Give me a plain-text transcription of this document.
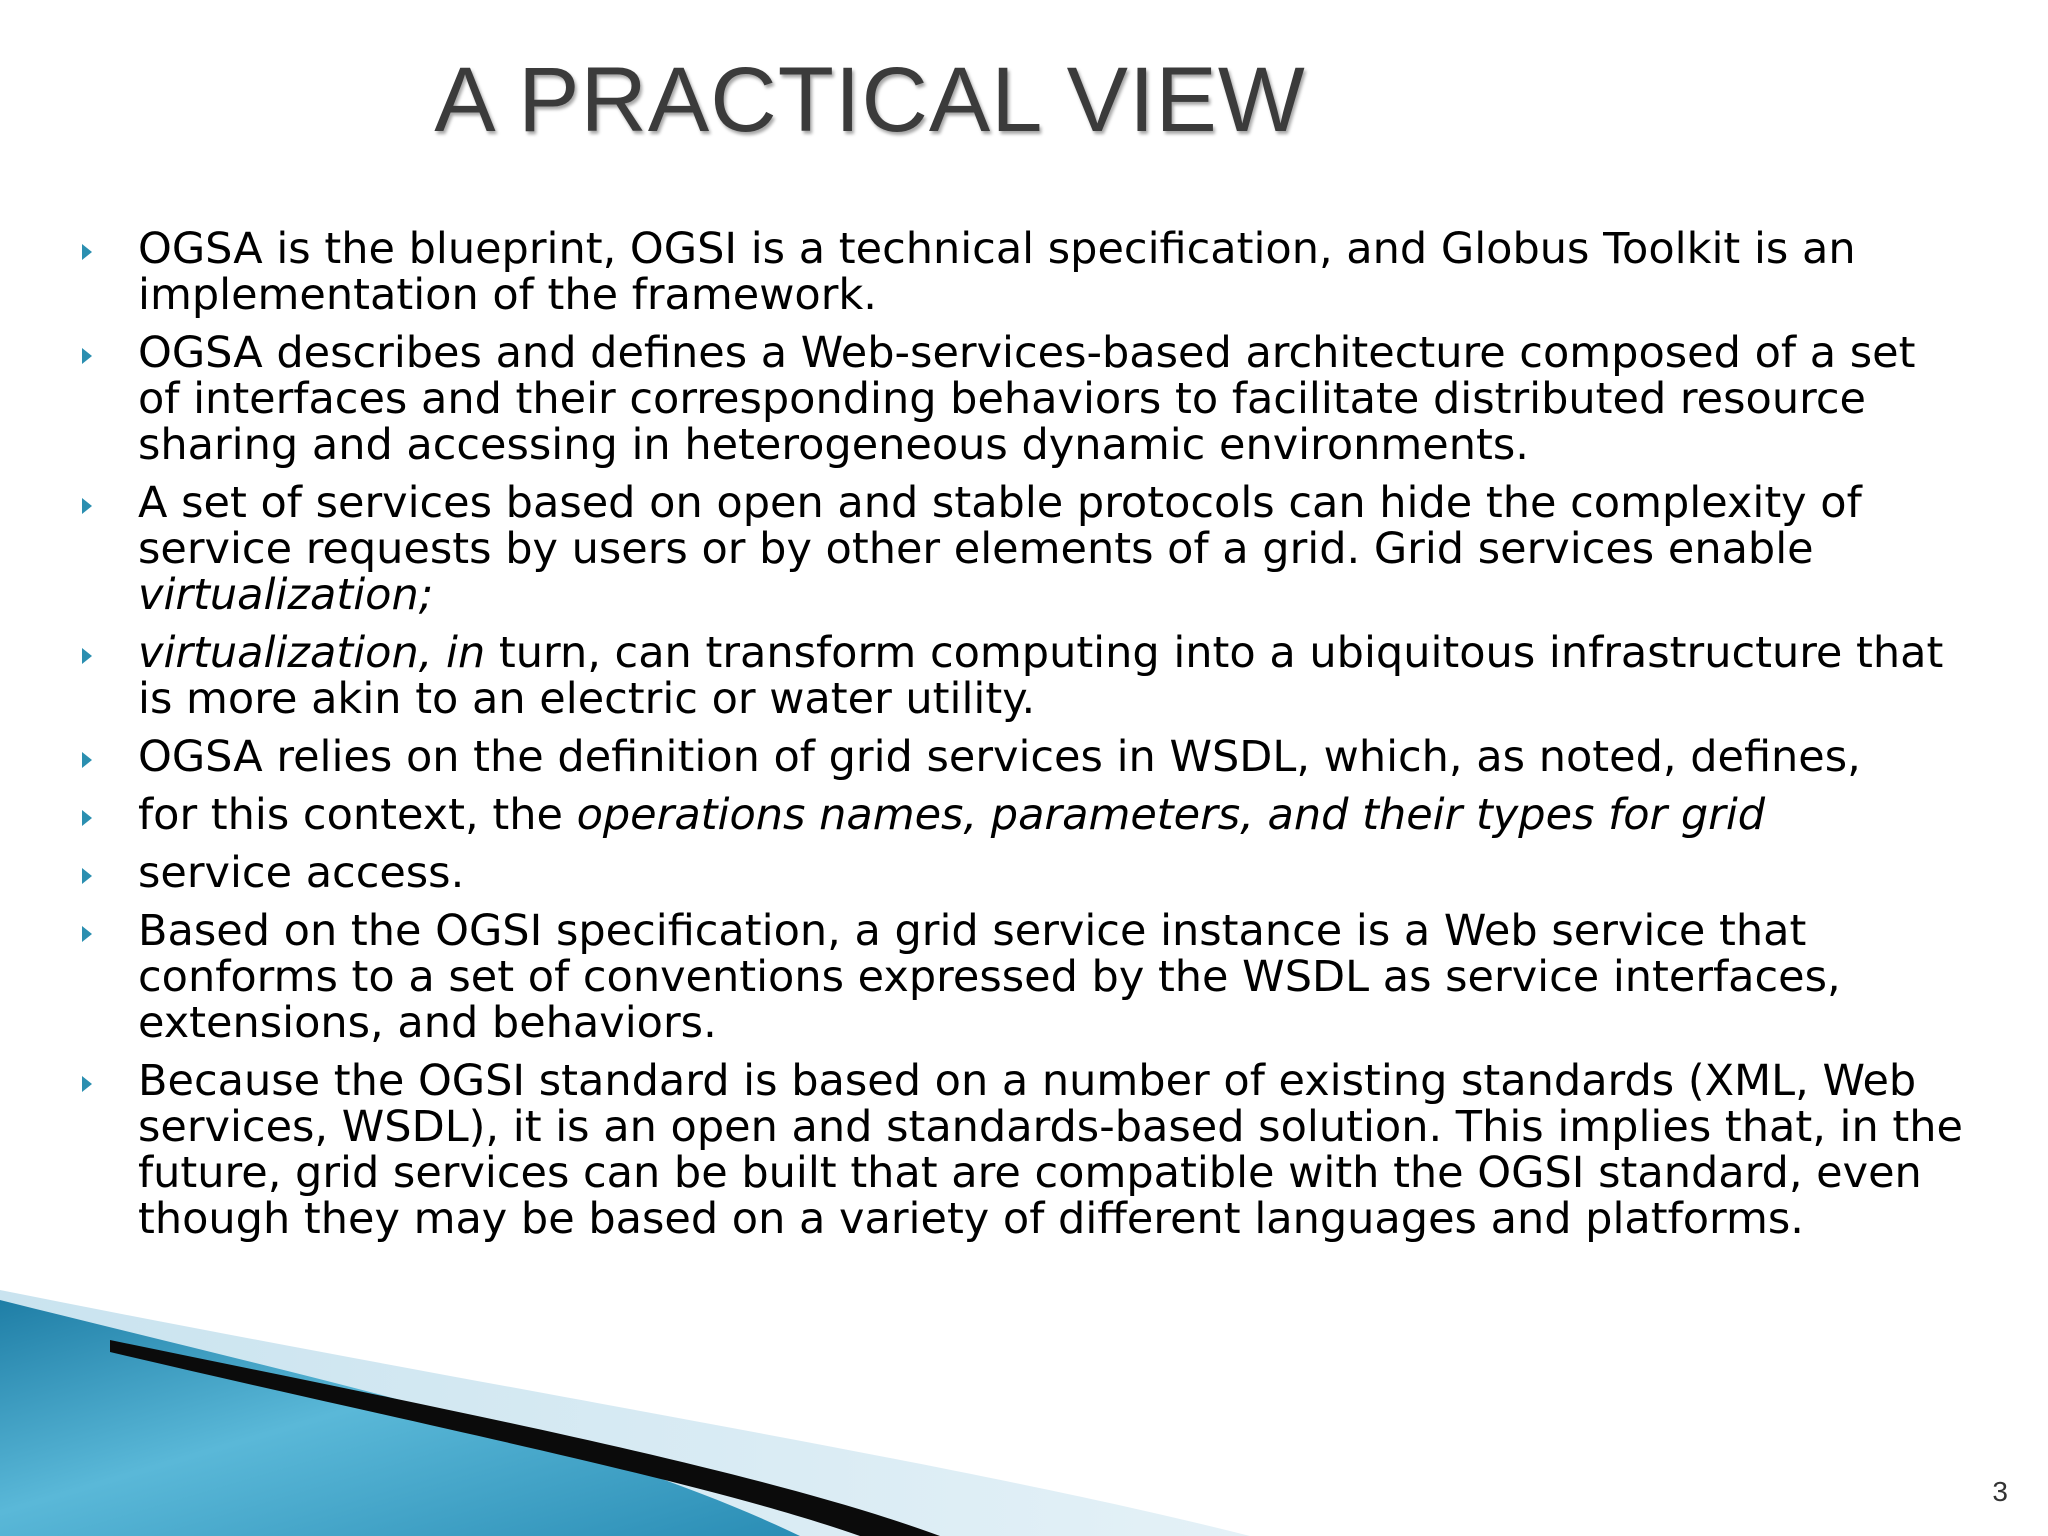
A PRACTICAL VIEW
OGSA is the blueprint, OGSI is a technical specification, and Globus Toolkit is an implementation of the framework.
OGSA describes and defines a Web-services-based architecture composed of a set of interfaces and their corresponding behaviors to facilitate distributed resource sharing and accessing in heterogeneous dynamic environments.
A set of services based on open and stable protocols can hide the complexity of service requests by users or by other elements of a grid. Grid services enable virtualization;
virtualization, in turn, can transform computing into a ubiquitous infrastructure that is more akin to an electric or water utility.
OGSA relies on the definition of grid services in WSDL, which, as noted, defines,
for this context, the operations names, parameters, and their types for grid
service access.
Based on the OGSI specification, a grid service instance is a Web service that conforms to a set of conventions expressed by the WSDL as service interfaces, extensions, and behaviors.
Because the OGSI standard is based on a number of existing standards (XML, Web services, WSDL), it is an open and standards-based solution. This implies that, in the future, grid services can be built that are compatible with the OGSI standard, even though they may be based on a variety of different languages and platforms.
3
